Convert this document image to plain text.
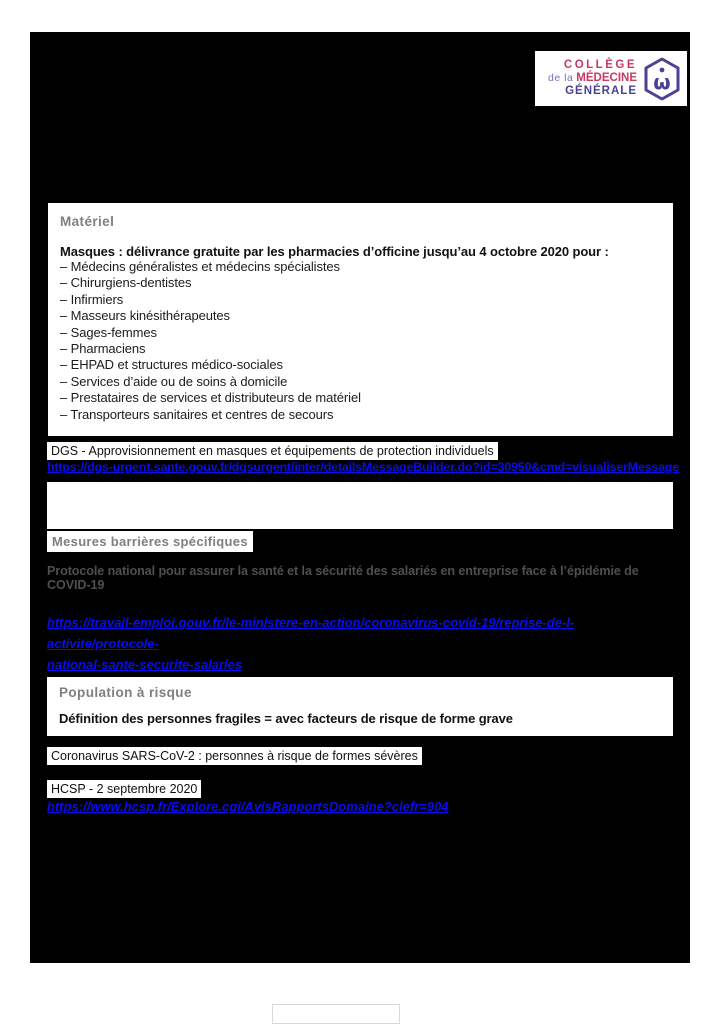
COLLÈGE
de la MÉDECINE
GÉNÉRALE ω
Matériel
Masques : délivrance gratuite par les pharmacies d’officine jusqu’au 4 octobre 2020 pour :
– Médecins généralistes et médecins spécialistes
– Chirurgiens-dentistes
– Infirmiers
– Masseurs kinésithérapeutes
– Sages-femmes
– Pharmaciens
– EHPAD et structures médico-sociales
– Services d’aide ou de soins à domicile
– Prestataires de services et distributeurs de matériel
– Transporteurs sanitaires et centres de secours
DGS - Approvisionnement en masques et équipements de protection individuels
https://dgs-urgent.sante.gouv.fr/dgsurgent/inter/detailsMessageBuilder.do?id=30950&cmd=visualiserMessage
Mesures barrières spécifiques
Protocole national pour assurer la santé et la sécurité des salariés en entreprise face à l’épidémie de COVID-19
https://travail-emploi.gouv.fr/le-ministere-en-action/coronavirus-covid-19/reprise-de-l-activite/protocole-
national-sante-securite-salaries
Population à risque
Définition des personnes fragiles = avec facteurs de risque de forme grave
Coronavirus SARS-CoV-2 : personnes à risque de formes sévères
HCSP - 2 septembre 2020
https://www.hcsp.fr/Explore.cgi/AvisRapportsDomaine?clefr=904
